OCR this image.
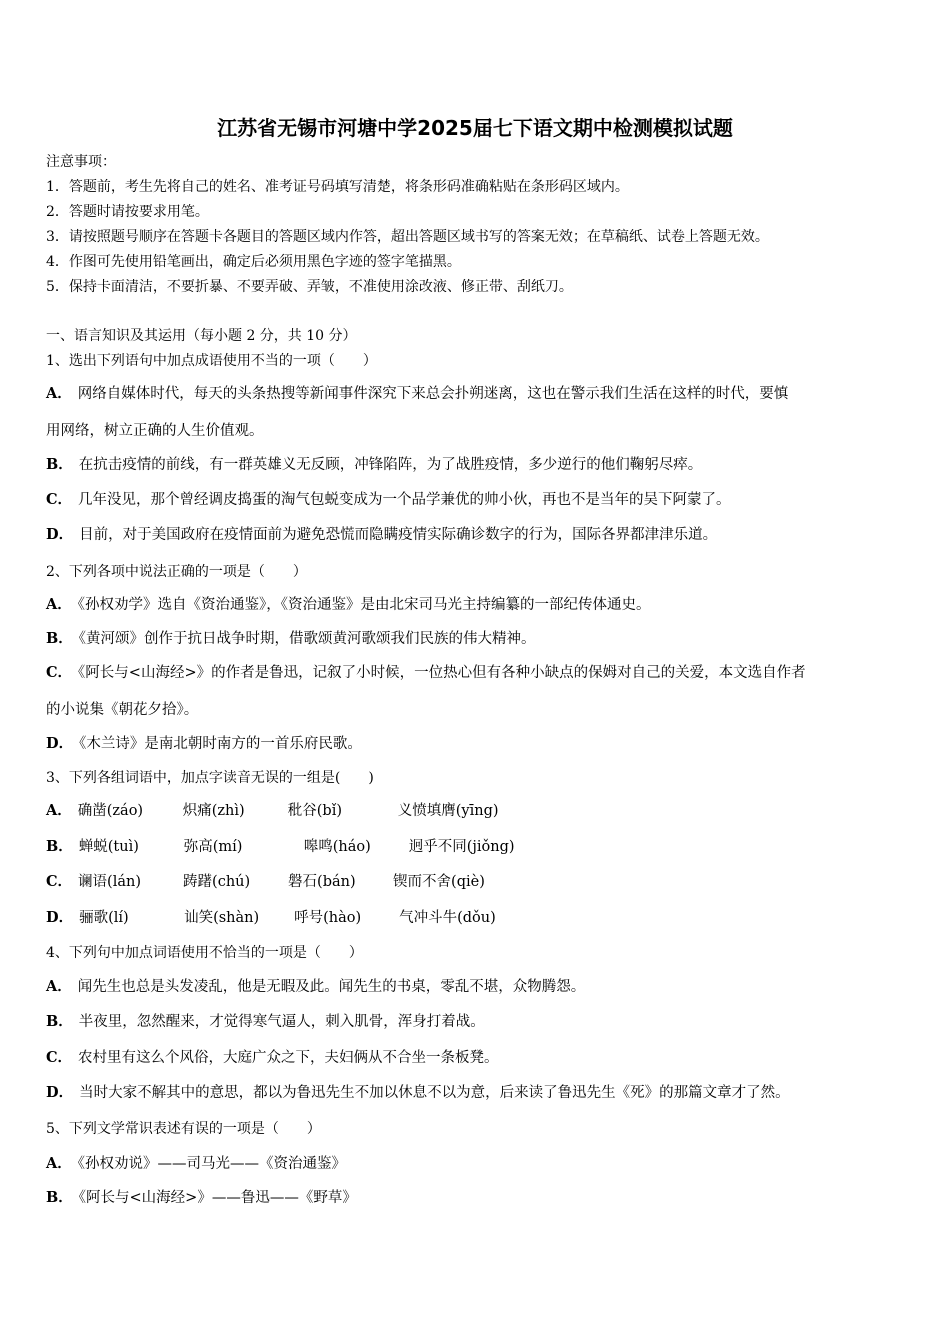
江苏省无锡市河塘中学2025届七下语文期中检测模拟试题
注意事项：
1．答题前，考生先将自己的姓名、准考证号码填写清楚，将条形码准确粘贴在条形码区域内。
2．答题时请按要求用笔。
3．请按照题号顺序在答题卡各题目的答题区域内作答，超出答题区域书写的答案无效；在草稿纸、试卷上答题无效。
4．作图可先使用铅笔画出，确定后必须用黑色字迹的签字笔描黑。
5．保持卡面清洁，不要折暴、不要弄破、弄皱，不准使用涂改液、修正带、刮纸刀。
一、语言知识及其运用（每小题 2 分，共 10 分）
1、选出下列语句中加点成语使用不当的一项（　　）
A． 网络自媒体时代，每天的头条热搜等新闻事件深究下来总会扑朔迷离，这也在警示我们生活在这样的时代，要慎
用网络，树立正确的人生价值观。
B． 在抗击疫情的前线，有一群英雄义无反顾，冲锋陷阵，为了战胜疫情，多少逆行的他们鞠躬尽瘁。
C． 几年没见，那个曾经调皮捣蛋的淘气包蜕变成为一个品学兼优的帅小伙，再也不是当年的吴下阿蒙了。
D． 目前，对于美国政府在疫情面前为避免恐慌而隐瞒疫情实际确诊数字的行为，国际各界都津津乐道。
2、下列各项中说法正确的一项是（　　）
A． 《孙权劝学》选自《资治通鉴》，《资治通鉴》是由北宋司马光主持编纂的一部纪传体通史。
B． 《黄河颂》创作于抗日战争时期，借歌颂黄河歌颂我们民族的伟大精神。
C． 《阿长与<山海经>》的作者是鲁迅，记叙了小时候，一位热心但有各种小缺点的保姆对自己的关爱，本文选自作者
的小说集《朝花夕拾》。
D． 《木兰诗》是南北朝时南方的一首乐府民歌。
3、下列各组词语中，加点字读音无误的一组是(　　)
A． 确凿(záo)	炽痛(zhì)	秕谷(bǐ)	义愤填膺(yīng)
B． 蝉蜕(tuì)	弥高(mí)	嗥鸣(háo)	迥乎不同(jiǒng)
C． 谰语(lán)	踌躇(chú)	磐石(bán)	锲而不舍(qiè)
D． 骊歌(lí)	讪笑(shàn) 呼号(hào)	气冲斗牛(dǒu)
4、下列句中加点词语使用不恰当的一项是（　　）
A． 闻先生也总是头发凌乱，他是无暇及此。闻先生的书桌，零乱不堪，众物腾怨。
B． 半夜里，忽然醒来，才觉得寒气逼人，刺入肌骨，浑身打着战。
C． 农村里有这么个风俗，大庭广众之下，夫妇俩从不合坐一条板凳。
D． 当时大家不解其中的意思，都以为鲁迅先生不加以休息不以为意，后来读了鲁迅先生《死》的那篇文章才了然。
5、下列文学常识表述有误的一项是（　　）
A． 《孙权劝说》——司马光——《资治通鉴》
B． 《阿长与<山海经>》——鲁迅——《野草》
